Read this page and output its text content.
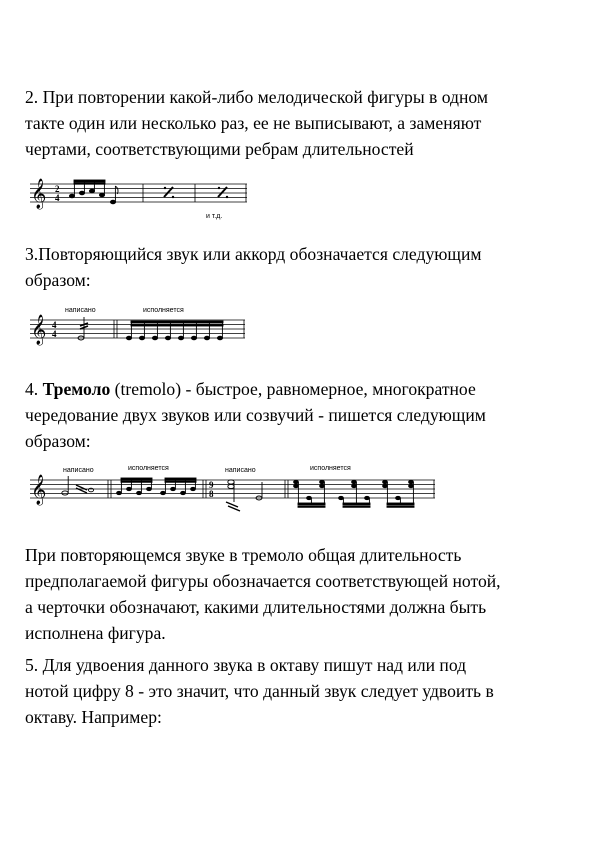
2. При повторении какой-либо мелодической фигуры в одном
такте один или несколько раз, ее не выписывают, а заменяют
чертами, соответствующими ребрам длительностей

𝄞 2
4
и т.д.

3.Повторяющийся звук или аккорд обозначается следующим
образом:

написано	исполняется
𝄞 4
4

4. Тремоло (tremolo) - быстрое, равномерное, многократное
чередование двух звуков или созвучий - пишется следующим
образом:

написано	исполняется	написано	исполняется
𝄞	9
8

При повторяющемся звуке в тремоло общая длительность
предполагаемой фигуры обозначается соответствующей нотой,
а черточки обозначают, какими длительностями должна быть
исполнена фигура.

5. Для удвоения данного звука в октаву пишут над или под
нотой цифру 8 - это значит, что данный звук следует удвоить в
октаву. Например:
